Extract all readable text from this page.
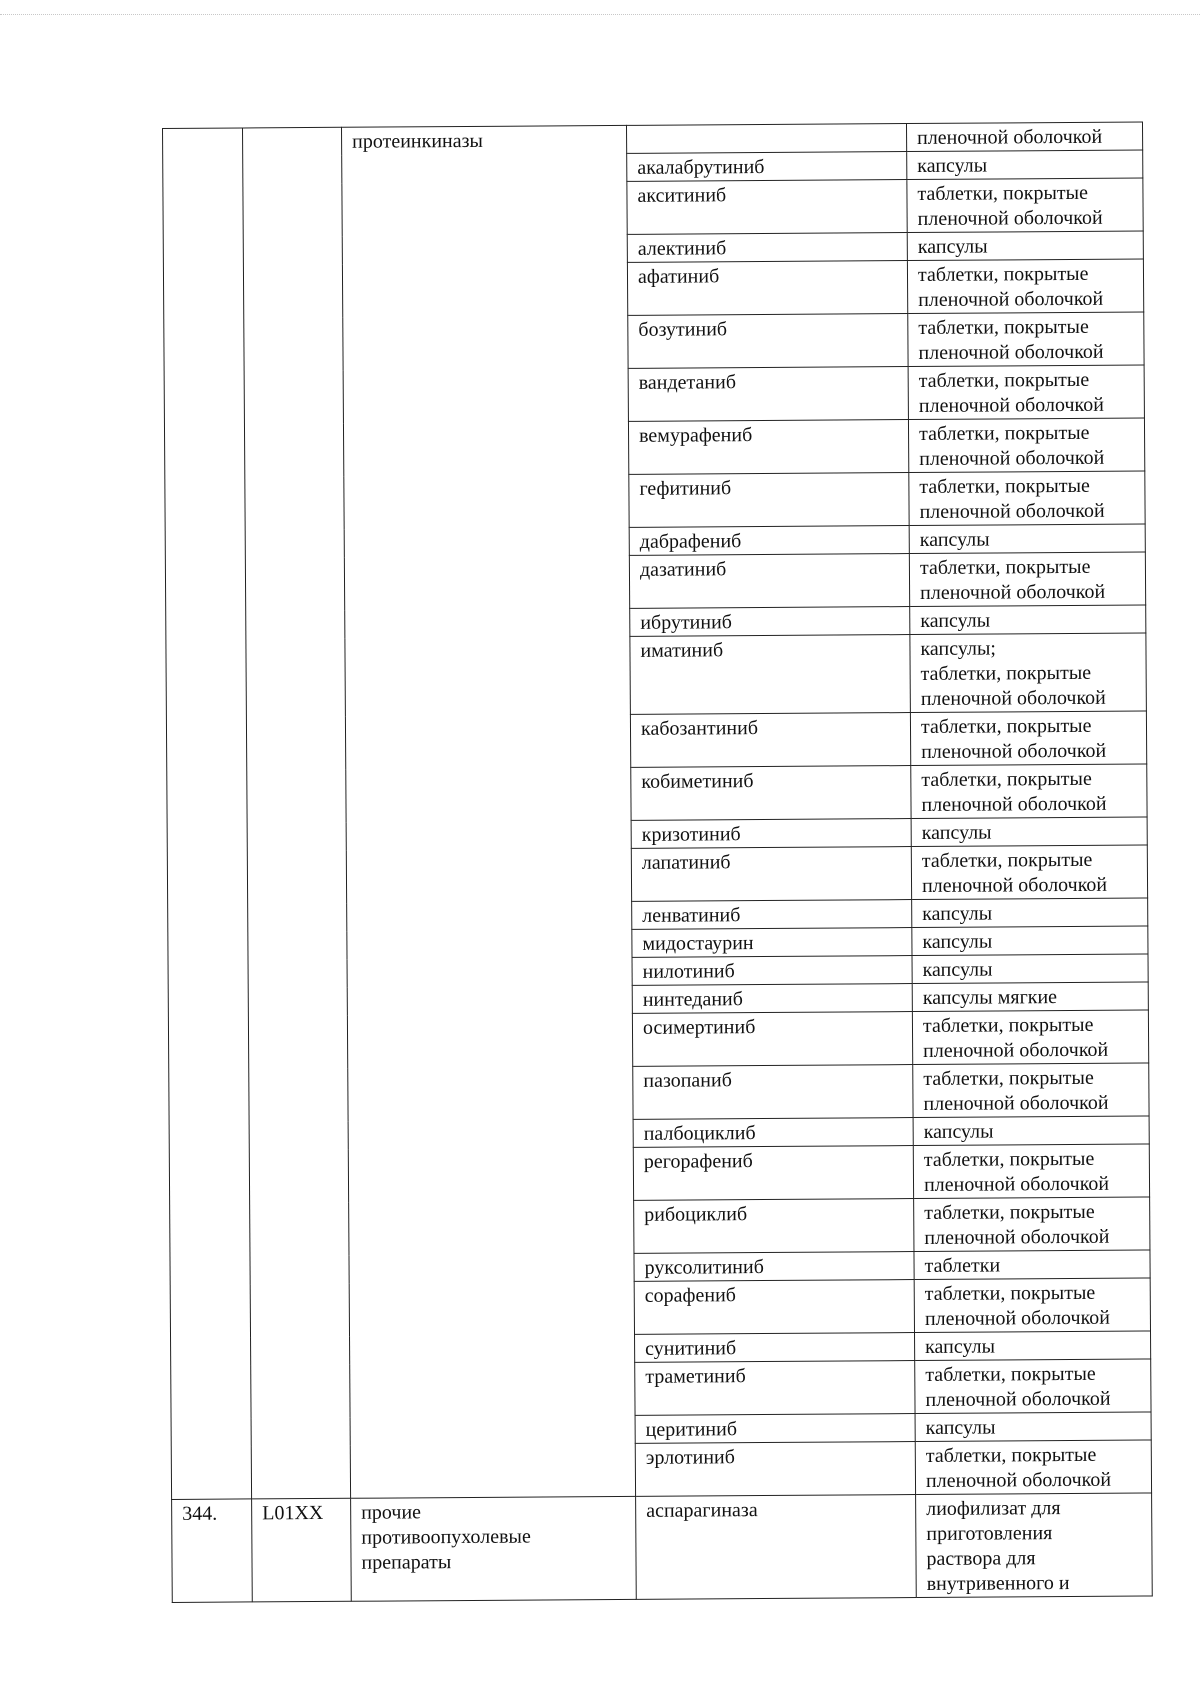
		протеинкиназы		пленочной оболочкой
			акалабрутиниб	капсулы

			акситиниб	таблетки, покрытые
пленочной оболочкой

			алектиниб	капсулы

			афатиниб	таблетки, покрытые
пленочной оболочкой

			бозутиниб	таблетки, покрытые
пленочной оболочкой

			вандетаниб	таблетки, покрытые
пленочной оболочкой

			вемурафениб	таблетки, покрытые
пленочной оболочкой

			гефитиниб	таблетки, покрытые
пленочной оболочкой

			дабрафениб	капсулы

			дазатиниб	таблетки, покрытые
пленочной оболочкой

			ибрутиниб	капсулы

			иматиниб	капсулы;
таблетки, покрытые
пленочной оболочкой

			кабозантиниб	таблетки, покрытые
пленочной оболочкой

			кобиметиниб	таблетки, покрытые
пленочной оболочкой

			кризотиниб	капсулы

			лапатиниб	таблетки, покрытые
пленочной оболочкой

			ленватиниб	капсулы

			мидостаурин	капсулы

			нилотиниб	капсулы

			нинтеданиб	капсулы мягкие

			осимертиниб	таблетки, покрытые
пленочной оболочкой

			пазопаниб	таблетки, покрытые
пленочной оболочкой

			палбоциклиб	капсулы

			регорафениб	таблетки, покрытые
пленочной оболочкой

			рибоциклиб	таблетки, покрытые
пленочной оболочкой

			руксолитиниб	таблетки

			сорафениб	таблетки, покрытые
пленочной оболочкой

			сунитиниб	капсулы

			траметиниб	таблетки, покрытые
пленочной оболочкой

			церитиниб	капсулы

			эрлотиниб	таблетки, покрытые
пленочной оболочкой

344.	L01XX	прочие
противоопухолевые
препараты	аспарагиназа	лиофилизат для
приготовления
раствора для
внутривенного и
